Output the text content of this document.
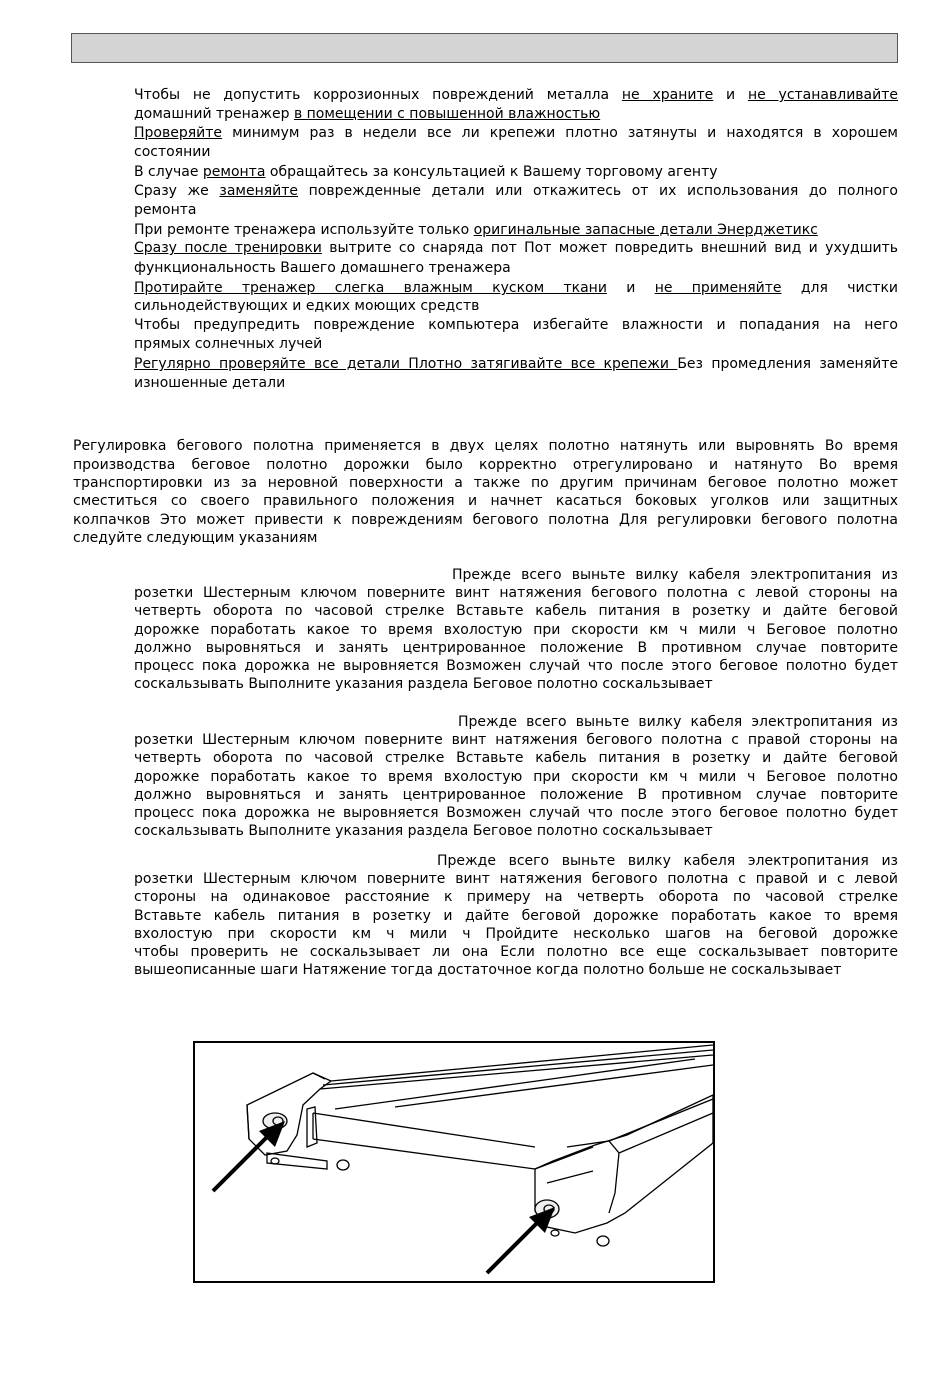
Чтобы не допустить коррозионных повреждений металла не храните и не устанавливайте
домашний тренажер в помещении с повышенной влажностью
Проверяйте минимум раз в недели все ли крепежи плотно затянуты и находятся в хорошем
состоянии
В случае ремонта обращайтесь за консультацией к Вашему торговому агенту
Сразу же заменяйте поврежденные детали или откажитесь от их использования до полного
ремонта
При ремонте тренажера используйте только оригинальные запасные детали Энерджетикс
Сразу после тренировки вытрите со снаряда пот Пот может повредить внешний вид и ухудшить
функциональность Вашего домашнего тренажера
Протирайте тренажер слегка влажным куском ткани и не применяйте для чистки
сильнодействующих и едких моющих средств
Чтобы предупредить повреждение компьютера избегайте влажности и попадания на него
прямых солнечных лучей
Регулярно проверяйте все детали Плотно затягивайте все крепежи Без промедления заменяйте
изношенные детали
Регулировка бегового полотна применяется в двух целях полотно натянуть или выровнять Во время
производства беговое полотно дорожки было корректно отрегулировано и натянуто Во время
транспортировки из за неровной поверхности а также по другим причинам беговое полотно может
сместиться со своего правильного положения и начнет касаться боковых уголков или защитных
колпачков Это может привести к повреждениям бегового полотна Для регулировки бегового полотна
следуйте следующим указаниям
Прежде всего выньте вилку кабеля электропитания из
розетки Шестерным ключом поверните винт натяжения бегового полотна с левой стороны на
четверть оборота по часовой стрелке Вставьте кабель питания в розетку и дайте беговой
дорожке поработать какое то время вхолостую при скорости км ч мили ч Беговое полотно
должно выровняться и занять центрированное положение В противном случае повторите
процесс пока дорожка не выровняется Возможен случай что после этого беговое полотно будет
соскальзывать Выполните указания раздела Беговое полотно соскальзывает
Прежде всего выньте вилку кабеля электропитания из
розетки Шестерным ключом поверните винт натяжения бегового полотна с правой стороны на
четверть оборота по часовой стрелке Вставьте кабель питания в розетку и дайте беговой
дорожке поработать какое то время вхолостую при скорости км ч мили ч Беговое полотно
должно выровняться и занять центрированное положение В противном случае повторите
процесс пока дорожка не выровняется Возможен случай что после этого беговое полотно будет
соскальзывать Выполните указания раздела Беговое полотно соскальзывает
Прежде всего выньте вилку кабеля электропитания из
розетки Шестерным ключом поверните винт натяжения бегового полотна с правой и с левой
стороны на одинаковое расстояние к примеру на четверть оборота по часовой стрелке
Вставьте кабель питания в розетку и дайте беговой дорожке поработать какое то время
вхолостую при скорости км ч мили ч Пройдите несколько шагов на беговой дорожке
чтобы проверить не соскальзывает ли она Если полотно все еще соскальзывает повторите
вышеописанные шаги Натяжение тогда достаточное когда полотно больше не соскальзывает
